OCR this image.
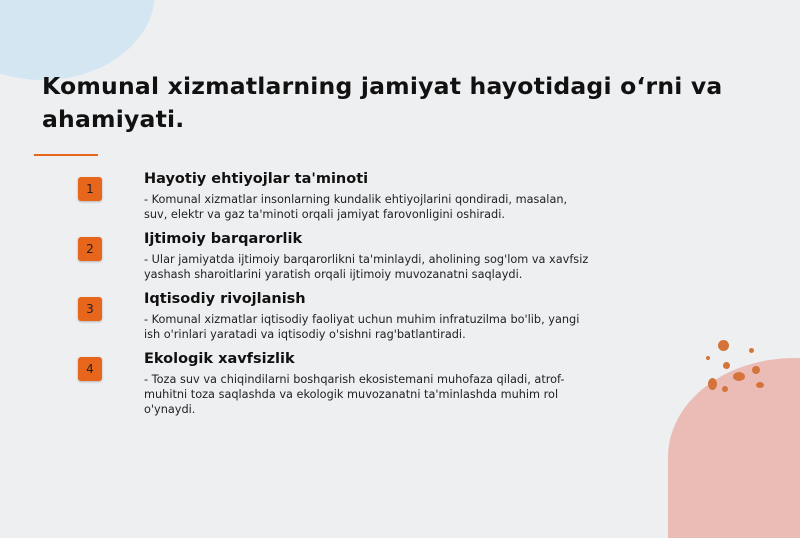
Komunal xizmatlarning jamiyat hayotidagi o‘rni va ahamiyati.
1
Hayotiy ehtiyojlar ta'minoti

- Komunal xizmatlar insonlarning kundalik ehtiyojlarini qondiradi, masalan, suv, elektr va gaz ta'minoti orqali jamiyat farovonligini oshiradi.

2
Ijtimoiy barqarorlik

- Ular jamiyatda ijtimoiy barqarorlikni ta'minlaydi, aholining sog'lom va xavfsiz yashash sharoitlarini yaratish orqali ijtimoiy muvozanatni saqlaydi.

3
Iqtisodiy rivojlanish

- Komunal xizmatlar iqtisodiy faoliyat uchun muhim infratuzilma bo'lib, yangi ish o'rinlari yaratadi va iqtisodiy o'sishni rag'batlantiradi.

4
Ekologik xavfsizlik

- Toza suv va chiqindilarni boshqarish ekosistemani muhofaza qiladi, atrof-muhitni toza saqlashda va ekologik muvozanatni ta'minlashda muhim rol o'ynaydi.
